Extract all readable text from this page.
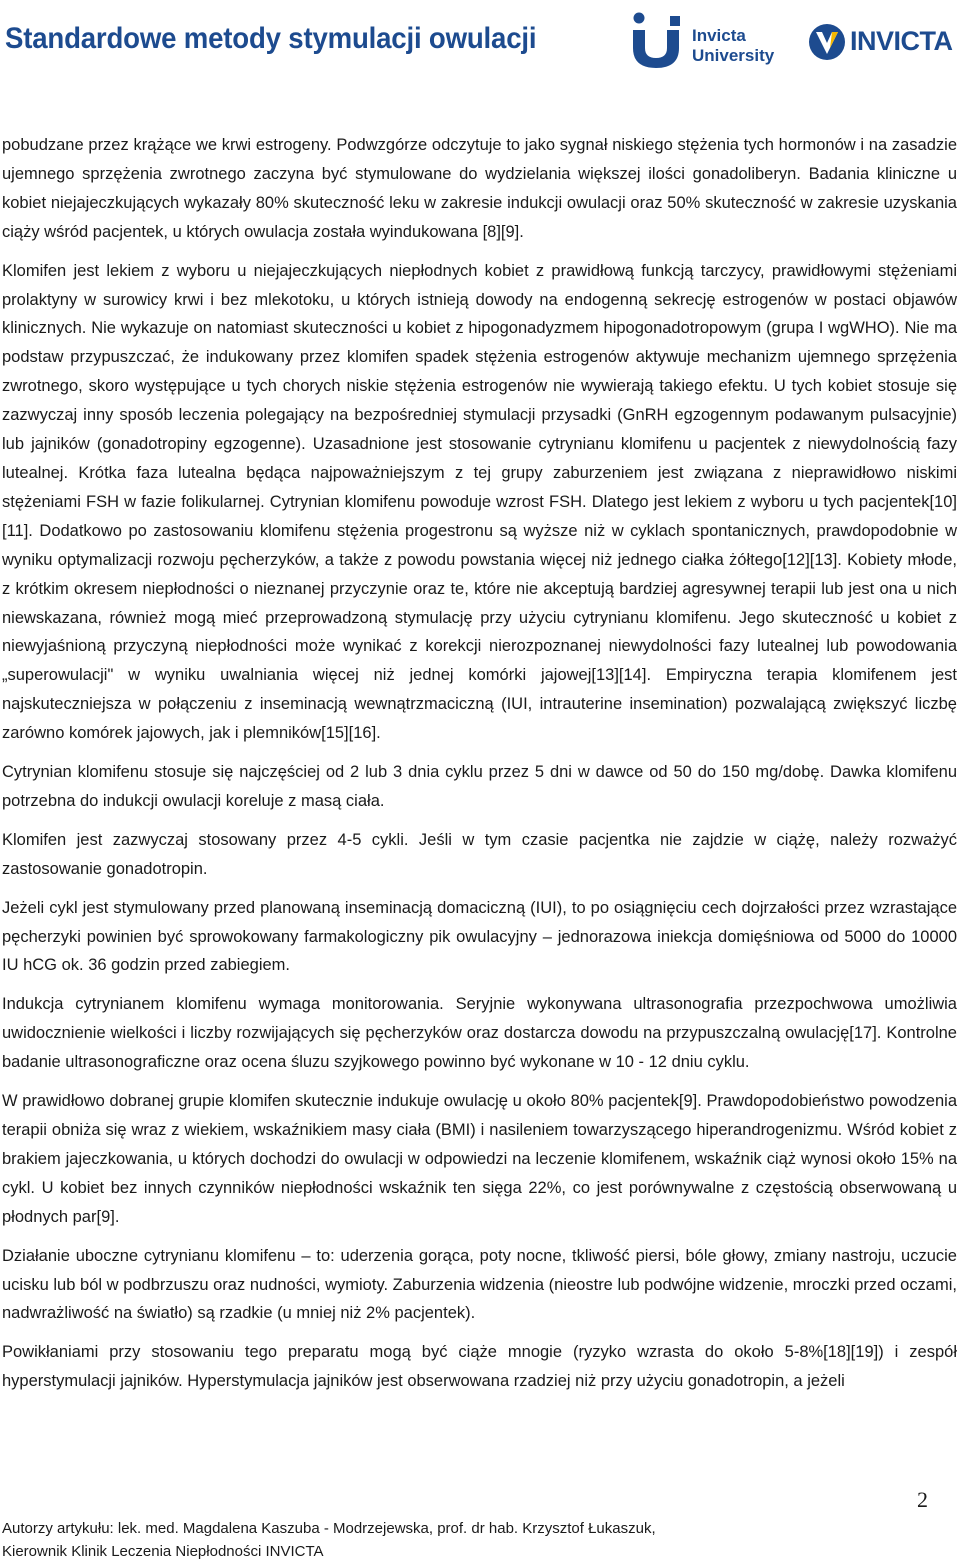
Standardowe metody stymulacji owulacji	Invicta
University	INVICTA

pobudzane przez krążące we krwi estrogeny. Podwzgórze odczytuje to jako sygnał niskiego stężenia tych hormonów i na zasadzie ujemnego sprzężenia zwrotnego zaczyna być stymulowane do wydzielania większej ilości gonadoliberyn. Badania kliniczne u kobiet niejajeczkujących wykazały 80% skuteczność leku w zakresie indukcji owulacji oraz 50% skuteczność w zakresie uzyskania ciąży wśród pacjentek, u których owulacja została wyindukowana [8][9].

Klomifen jest lekiem z wyboru u niejajeczkujących niepłodnych kobiet z prawidłową funkcją tarczycy, prawidłowymi stężeniami prolaktyny w surowicy krwi i bez mlekotoku, u których istnieją dowody na endogenną sekrecję estrogenów w postaci objawów klinicznych. Nie wykazuje on natomiast skuteczności u kobiet z hipogonadyzmem hipogonadotropowym (grupa I wgWHO). Nie ma podstaw przypuszczać, że indukowany przez klomifen spadek stężenia estrogenów aktywuje mechanizm ujemnego sprzężenia zwrotnego, skoro występujące u tych chorych niskie stężenia estrogenów nie wywierają takiego efektu. U tych kobiet stosuje się zazwyczaj inny sposób leczenia polegający na bezpośredniej stymulacji przysadki (GnRH egzogennym podawanym pulsacyjnie) lub jajników (gonadotropiny egzogenne). Uzasadnione jest stosowanie cytrynianu klomifenu u pacjentek z niewydolnością fazy lutealnej. Krótka faza lutealna będąca najpoważniejszym z tej grupy zaburzeniem jest związana z nieprawidłowo niskimi stężeniami FSH w fazie folikularnej. Cytrynian klomifenu powoduje wzrost FSH. Dlatego jest lekiem z wyboru u tych pacjentek[10][11]. Dodatkowo po zastosowaniu klomifenu stężenia progestronu są wyższe niż w cyklach spontanicznych, prawdopodobnie w wyniku optymalizacji rozwoju pęcherzyków, a także z powodu powstania więcej niż jednego ciałka żółtego[12][13]. Kobiety młode, z krótkim okresem niepłodności o nieznanej przyczynie oraz te, które nie akceptują bardziej agresywnej terapii lub jest ona u nich niewskazana, również mogą mieć przeprowadzoną stymulację przy użyciu cytrynianu klomifenu. Jego skuteczność u kobiet z niewyjaśnioną przyczyną niepłodności może wynikać z korekcji nierozpoznanej niewydolności fazy lutealnej lub powodowania „superowulacji" w wyniku uwalniania więcej niż jednej komórki jajowej[13][14]. Empiryczna terapia klomifenem jest najskuteczniejsza w połączeniu z inseminacją wewnątrzmaciczną (IUI, intrauterine insemination) pozwalającą zwiększyć liczbę zarówno komórek jajowych, jak i plemników[15][16].

Cytrynian klomifenu stosuje się najczęściej od 2 lub 3 dnia cyklu przez 5 dni w dawce od 50 do 150 mg/dobę. Dawka klomifenu potrzebna do indukcji owulacji koreluje z masą ciała.

Klomifen jest zazwyczaj stosowany przez 4-5 cykli. Jeśli w tym czasie pacjentka nie zajdzie w ciążę, należy rozważyć zastosowanie gonadotropin.

Jeżeli cykl jest stymulowany przed planowaną inseminacją domaciczną (IUI), to po osiągnięciu cech dojrzałości przez wzrastające pęcherzyki powinien być sprowokowany farmakologiczny pik owulacyjny – jednorazowa iniekcja domięśniowa od 5000 do 10000 IU hCG ok. 36 godzin przed zabiegiem.

Indukcja cytrynianem klomifenu wymaga monitorowania. Seryjnie wykonywana ultrasonografia przezpochwowa umożliwia uwidocznienie wielkości i liczby rozwijających się pęcherzyków oraz dostarcza dowodu na przypuszczalną owulację[17]. Kontrolne badanie ultrasonograficzne oraz ocena śluzu szyjkowego powinno być wykonane w 10 - 12 dniu cyklu.

W prawidłowo dobranej grupie klomifen skutecznie indukuje owulację u około 80% pacjentek[9]. Prawdopodobieństwo powodzenia terapii obniża się wraz z wiekiem, wskaźnikiem masy ciała (BMI) i nasileniem towarzyszącego hiperandrogenizmu. Wśród kobiet z brakiem jajeczkowania, u których dochodzi do owulacji w odpowiedzi na leczenie klomifenem, wskaźnik ciąż wynosi około 15% na cykl. U kobiet bez innych czynników niepłodności wskaźnik ten sięga 22%, co jest porównywalne z częstością obserwowaną u płodnych par[9].

Działanie uboczne cytrynianu klomifenu – to: uderzenia gorąca, poty nocne, tkliwość piersi, bóle głowy, zmiany nastroju, uczucie ucisku lub ból w podbrzuszu oraz nudności, wymioty. Zaburzenia widzenia (nieostre lub podwójne widzenie, mroczki przed oczami, nadwrażliwość na światło) są rzadkie (u mniej niż 2% pacjentek).

Powikłaniami przy stosowaniu tego preparatu mogą być ciąże mnogie (ryzyko wzrasta do około 5-8%[18][19]) i zespół hyperstymulacji jajników. Hyperstymulacja jajników jest obserwowana rzadziej niż przy użyciu gonadotropin, a jeżeli

2
Autorzy artykułu: lek. med. Magdalena Kaszuba - Modrzejewska, prof. dr hab. Krzysztof Łukaszuk,
Kierownik Klinik Leczenia Niepłodności INVICTA
